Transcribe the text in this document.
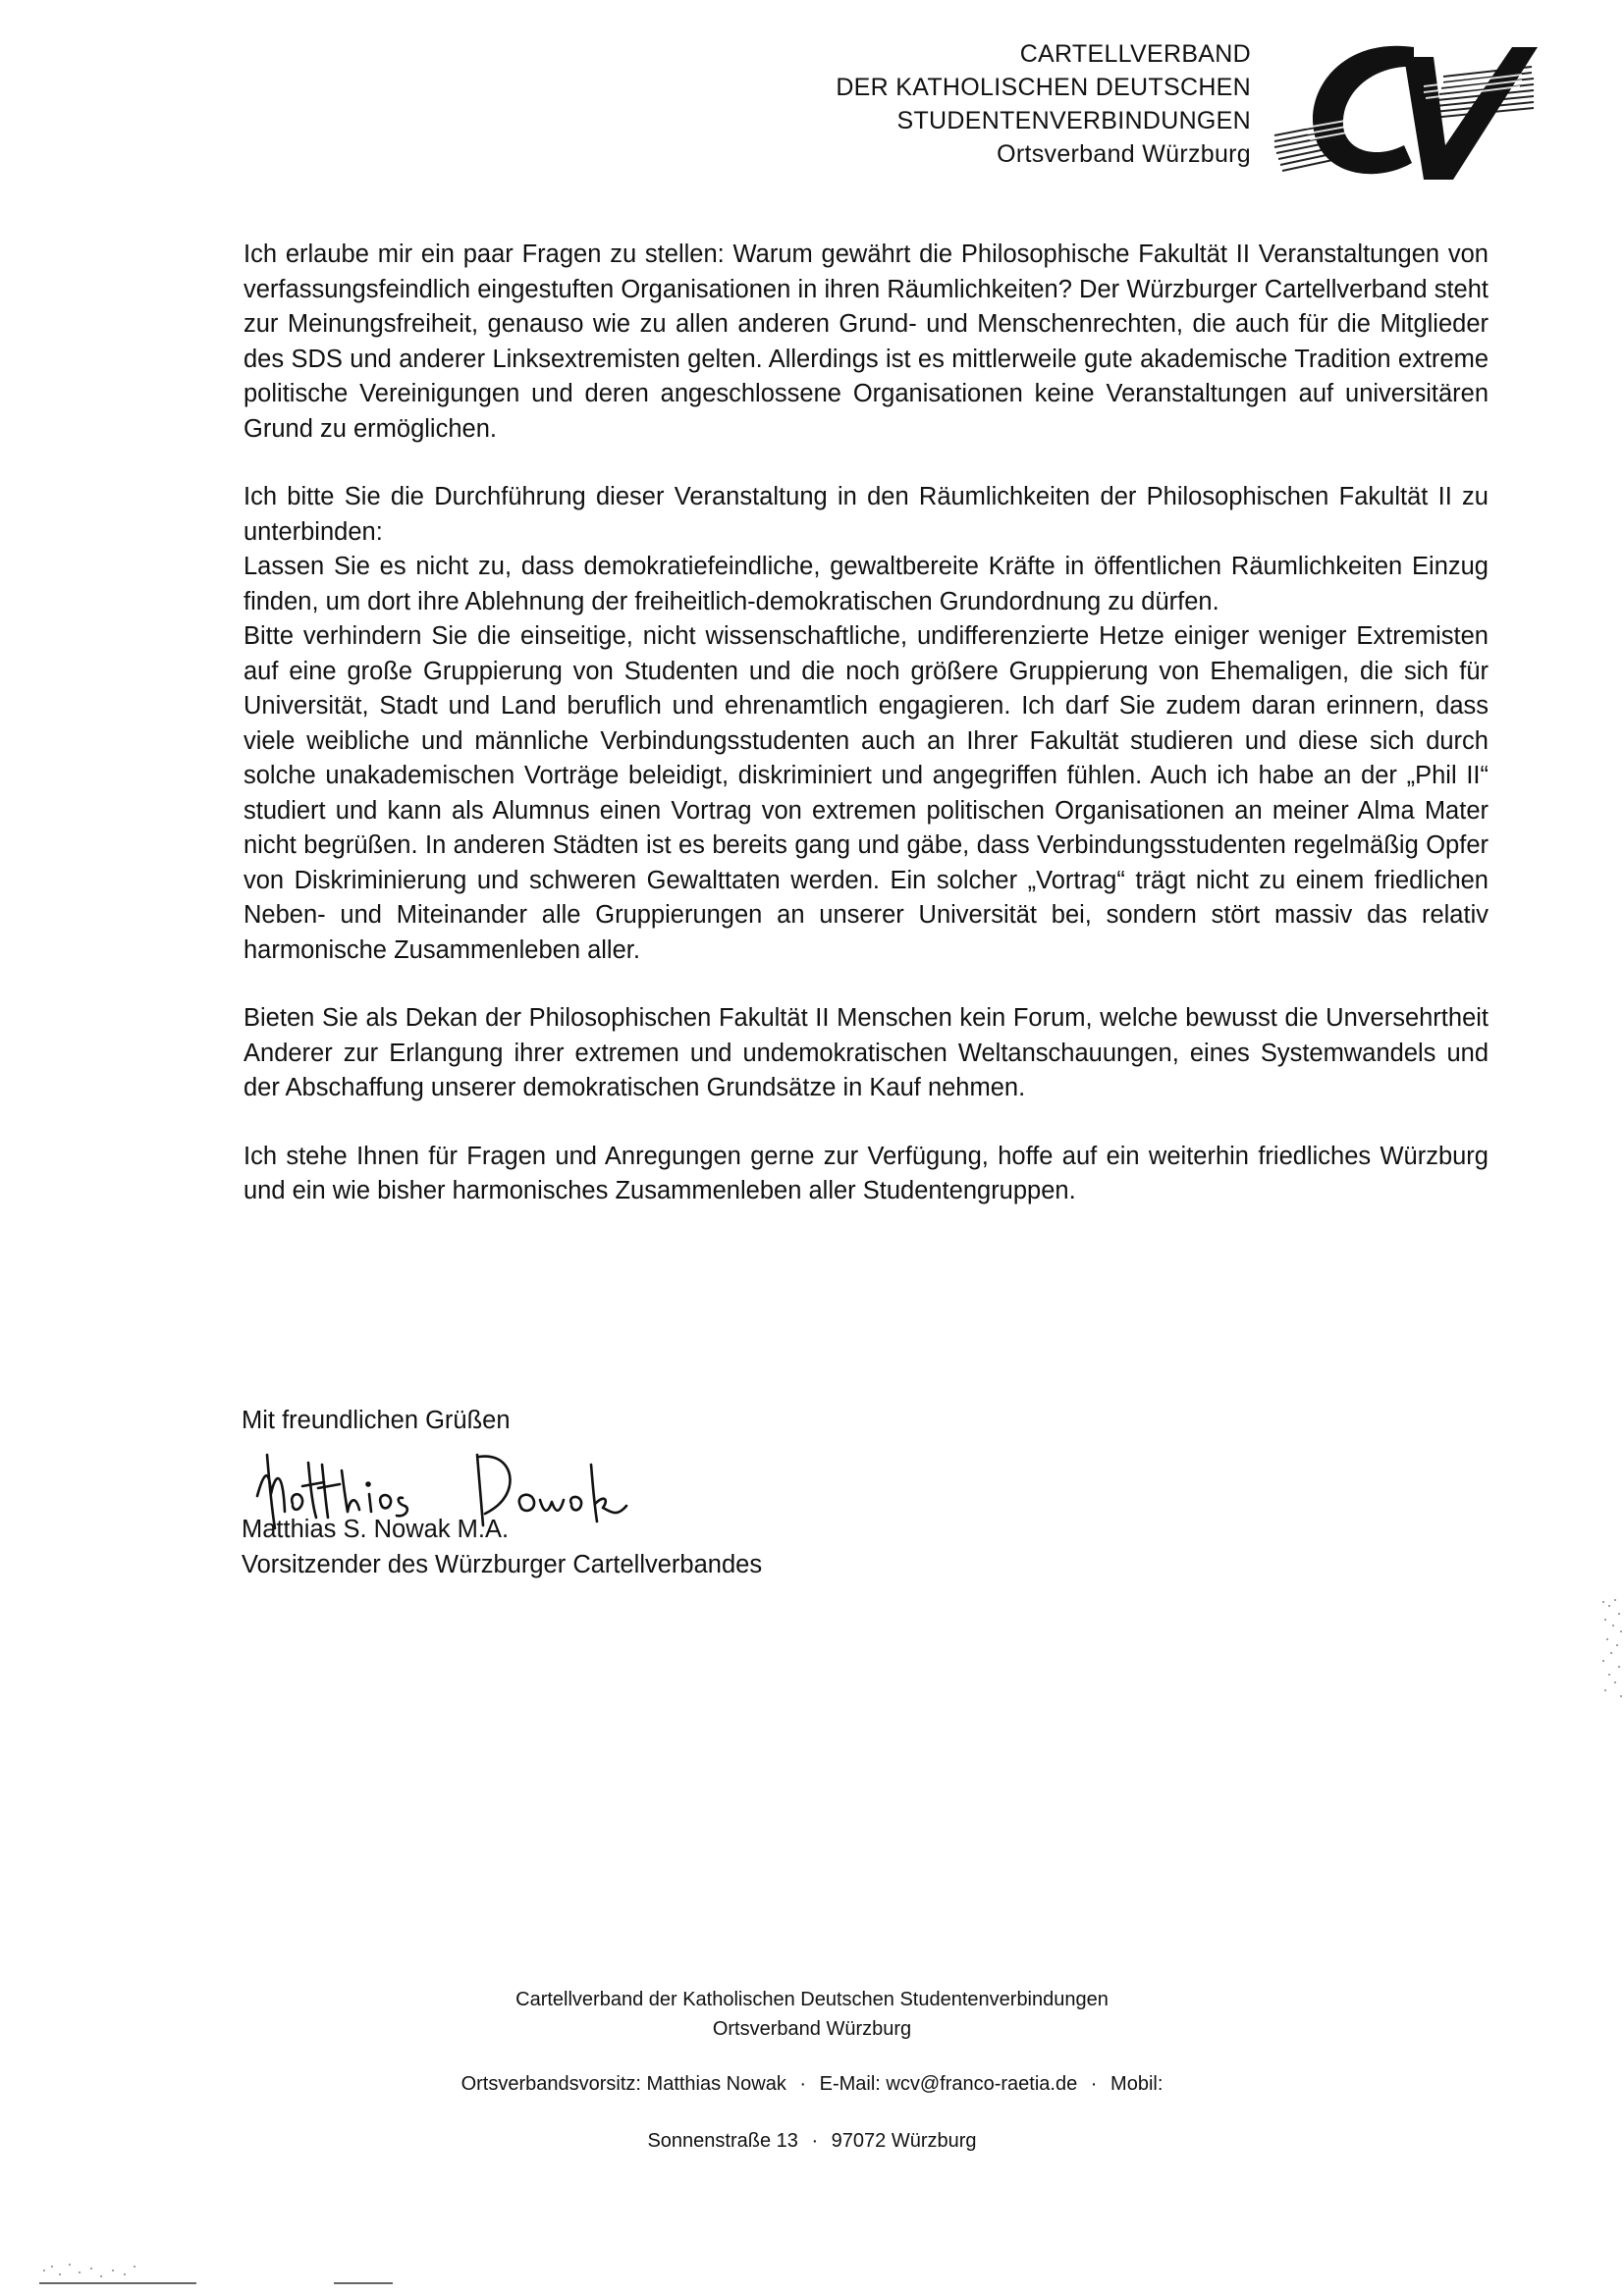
CARTELLVERBAND
DER KATHOLISCHEN DEUTSCHEN
STUDENTENVERBINDUNGEN
Ortsverband Würzburg

Ich erlaube mir ein paar Fragen zu stellen: Warum gewährt die Philosophische Fakultät II Veranstaltungen von verfassungsfeindlich eingestuften Organisationen in ihren Räumlichkeiten? Der Würzburger Cartellverband steht zur Meinungsfreiheit, genauso wie zu allen anderen Grund- und Menschenrechten, die auch für die Mitglieder des SDS und anderer Linksextremisten gelten. Allerdings ist es mittlerweile gute akademische Tradition extreme politische Vereinigungen und deren angeschlossene Organisationen keine Veranstaltungen auf universitären Grund zu ermöglichen.

Ich bitte Sie die Durchführung dieser Veranstaltung in den Räumlichkeiten der Philosophischen Fakultät II zu unterbinden:

Lassen Sie es nicht zu, dass demokratiefeindliche, gewaltbereite Kräfte in öffentlichen Räumlichkeiten Einzug finden, um dort ihre Ablehnung der freiheitlich-demokratischen Grundordnung zu dürfen.

Bitte verhindern Sie die einseitige, nicht wissenschaftliche, undifferenzierte Hetze einiger weniger Extremisten auf eine große Gruppierung von Studenten und die noch größere Gruppierung von Ehemaligen, die sich für Universität, Stadt und Land beruflich und ehrenamtlich engagieren. Ich darf Sie zudem daran erinnern, dass viele weibliche und männliche Verbindungsstudenten auch an Ihrer Fakultät studieren und diese sich durch solche unakademischen Vorträge beleidigt, diskriminiert und angegriffen fühlen. Auch ich habe an der „Phil II“ studiert und kann als Alumnus einen Vortrag von extremen politischen Organisationen an meiner Alma Mater nicht begrüßen. In anderen Städten ist es bereits gang und gäbe, dass Verbindungsstudenten regelmäßig Opfer von Diskriminierung und schweren Gewalttaten werden. Ein solcher „Vortrag“ trägt nicht zu einem friedlichen Neben- und Miteinander alle Gruppierungen an unserer Universität bei, sondern stört massiv das relativ harmonische Zusammenleben aller.

Bieten Sie als Dekan der Philosophischen Fakultät II Menschen kein Forum, welche bewusst die Unversehrtheit Anderer zur Erlangung ihrer extremen und undemokratischen Weltanschauungen, eines Systemwandels und der Abschaffung unserer demokratischen Grundsätze in Kauf nehmen.

Ich stehe Ihnen für Fragen und Anregungen gerne zur Verfügung, hoffe auf ein weiterhin friedliches Würzburg und ein wie bisher harmonisches Zusammenleben aller Studentengruppen.

Mit freundlichen Grüßen
Matthias S. Nowak M.A.
Vorsitzender des Würzburger Cartellverbandes
Cartellverband der Katholischen Deutschen Studentenverbindungen
Ortsverband Würzburg
Ortsverbandsvorsitz: Matthias Nowak · E-Mail: wcv@franco-raetia.de · Mobil:
Sonnenstraße 13 · 97072 Würzburg
